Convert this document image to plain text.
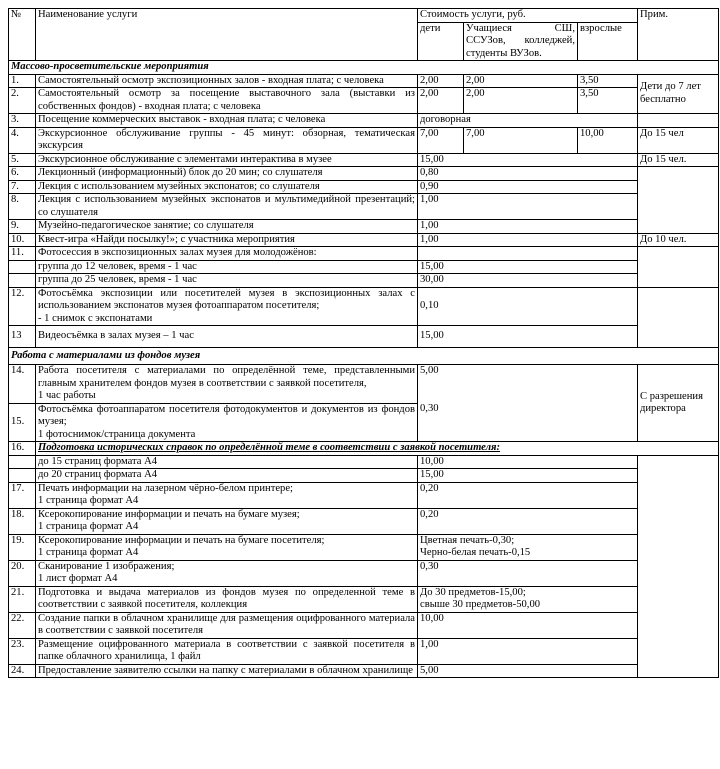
№	Наименование услуги	Стоимость услуги, руб.			Прим.
		дети	Учащиеся СШ, ССУЗов, колледжей, студенты ВУЗов.	взрослые	
Массово-просветительские мероприятия					
1.	Самостоятельный осмотр экспозиционных залов - входная плата; с человека	2,00	2,00	3,50	Дети до 7 лет бесплатно
2.	Самостоятельный осмотр за посещение выставочного зала (выставки из собственных фондов) - входная плата; с человека	2,00	2,00	3,50	
3.	Посещение коммерческих выставок - входная плата; с человека	договорная			
4.	Экскурсионное обслуживание группы - 45 минут: обзорная, тематическая экскурсия	7,00	7,00	10,00	До 15 чел
5.	Экскурсионное обслуживание с элементами интерактива в музее	15,00			До 15 чел.
6.	Лекционный (информационный) блок до 20 мин; со слушателя	0,80			
7.	Лекция с использованием музейных экспонатов; со слушателя	0,90			
8.	Лекция с использованием музейных экспонатов и мультимедийной презентаций; со слушателя	1,00			
9.	Музейно-педагогическое занятие; со слушателя	1,00			
10.	Квест-игра «Найди посылку!»; с участника мероприятия	1,00			До 10 чел.
11.	Фотосессия в экспозиционных залах музея для молодожёнов:				
	группа до 12 человек, время - 1 час	15,00			
	группа до 25 человек, время - 1 час	30,00			
12.	Фотосъёмка экспозиции или посетителей музея в экспозиционных залах с использованием экспонатов музея фотоаппаратом посетителя;
- 1 снимок с экспонатами	0,10			
13	Видеосъёмка в залах музея – 1 час	15,00			
Работа с материалами из фондов музея					
14.	Работа посетителя с материалами по определённой теме, представленными главным хранителем фондов музея в соответствии с заявкой посетителя,
1 час работы	5,00			С разрешения директора
15.	Фотосъёмка фотоаппаратом посетителя фотодокументов и документов из фондов музея;
1 фотоснимок/страница документа	0,30			
16.	Подготовка исторических справок по определённой теме в соответствии с заявкой посетителя:				
	до 15 страниц формата А4	10,00			
	до 20 страниц формата А4	15,00			
17.	Печать информации на лазерном чёрно-белом принтере;
1 страница формат А4	0,20			
18.	Ксерокопирование информации и печать на бумаге музея;
1 страница формат А4	0,20			
19.	Ксерокопирование информации и печать на бумаге посетителя;
1 страница формат А4	Цветная печать-0,30;
Черно-белая печать-0,15			

20.	Сканирование 1 изображения;
1 лист формат А4	0,30			
21.	Подготовка и выдача материалов из фондов музея по определенной теме в соответствии с заявкой посетителя, коллекция	До 30 предметов-15,00;
свыше 30 предметов-50,00			

22.	Создание папки в облачном хранилище для размещения оцифрованного материала в соответствии с заявкой посетителя	10,00			
23.	Размещение оцифрованного материала в соответствии с заявкой посетителя в папке облачного хранилища, 1 файл	1,00			
24.	Предоставление заявителю ссылки на папку с материалами в облачном хранилище	5,00			
